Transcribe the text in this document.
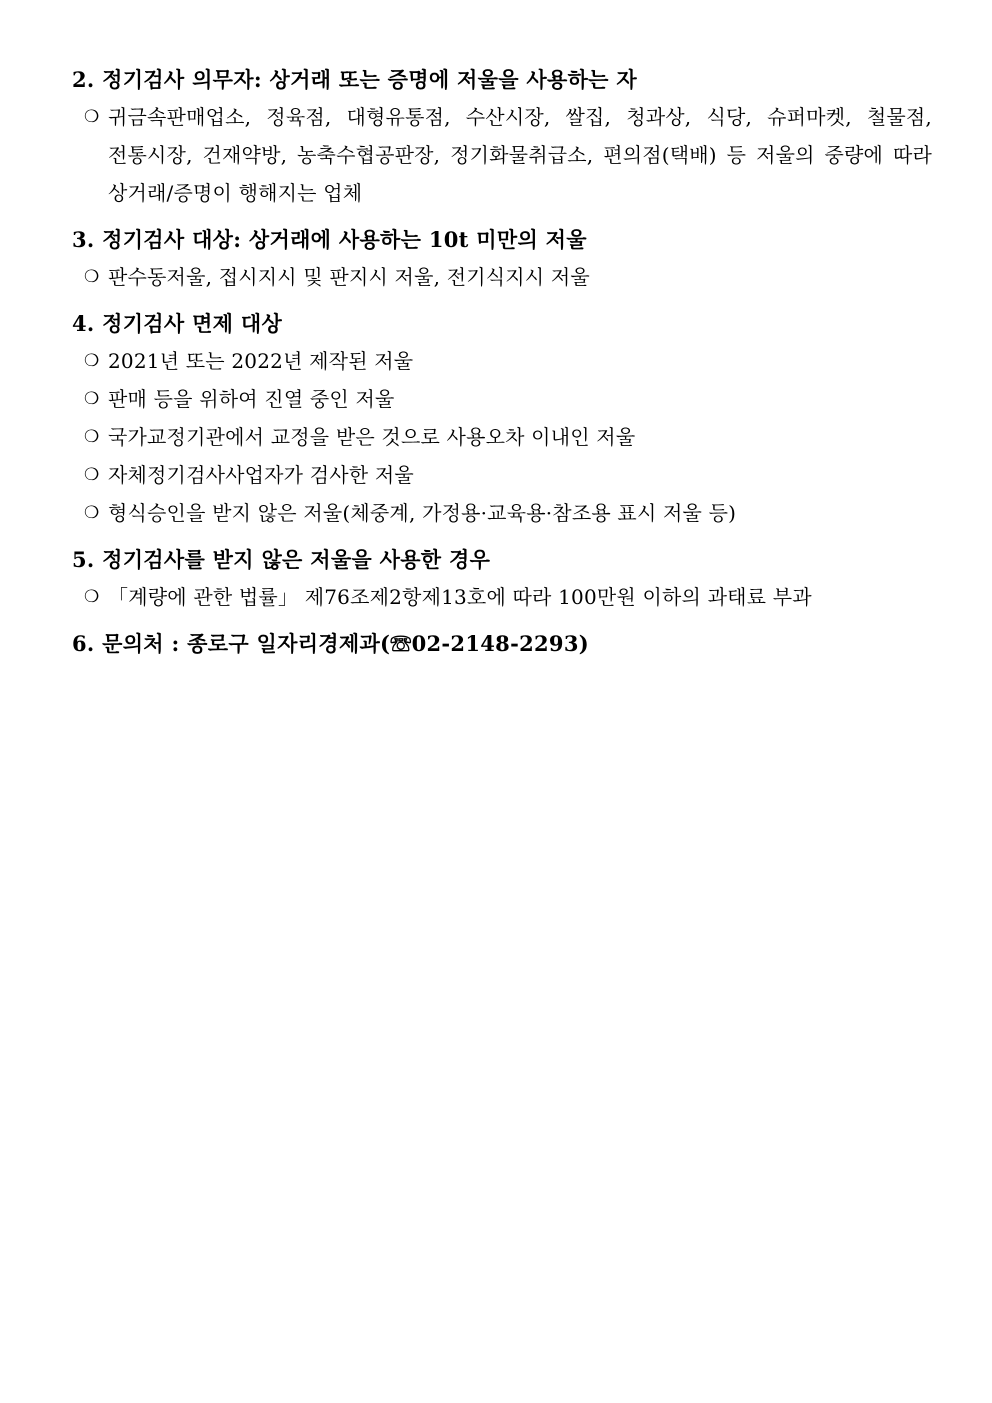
2. 정기검사 의무자: 상거래 또는 증명에 저울을 사용하는 자
❍ 귀금속판매업소, 정육점, 대형유통점, 수산시장, 쌀집, 청과상, 식당, 슈퍼마켓, 철물점, 전통시장, 건재약방, 농축수협공판장, 정기화물취급소, 편의점(택배) 등 저울의 중량에 따라 상거래/증명이 행해지는 업체
3. 정기검사 대상: 상거래에 사용하는 10t 미만의 저울
❍ 판수동저울, 접시지시 및 판지시 저울, 전기식지시 저울
4. 정기검사 면제 대상
❍ 2021년 또는 2022년 제작된 저울
❍ 판매 등을 위하여 진열 중인 저울
❍ 국가교정기관에서 교정을 받은 것으로 사용오차 이내인 저울
❍ 자체정기검사사업자가 검사한 저울
❍ 형식승인을 받지 않은 저울(체중계, 가정용·교육용·참조용 표시 저울 등)
5. 정기검사를 받지 않은 저울을 사용한 경우
❍ 「계량에 관한 법률」 제76조제2항제13호에 따라 100만원 이하의 과태료 부과
6. 문의처 : 종로구 일자리경제과(☏02-2148-2293)
